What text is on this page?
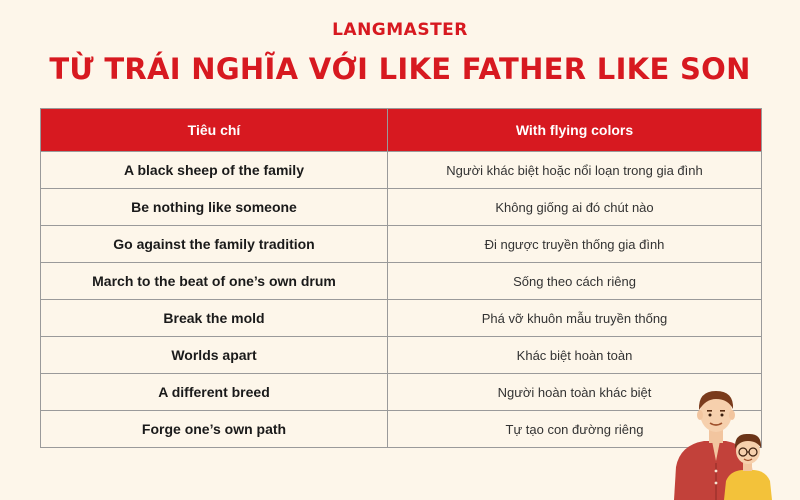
LANGMASTER
TỪ TRÁI NGHĨA VỚI LIKE FATHER LIKE SON
Tiêu chí	With flying colors
A black sheep of the family	Người khác biệt hoặc nổi loạn trong gia đình
Be nothing like someone	Không giống ai đó chút nào
Go against the family tradition	Đi ngược truyền thống gia đình
March to the beat of one’s own drum	Sống theo cách riêng
Break the mold	Phá vỡ khuôn mẫu truyền thống
Worlds apart	Khác biệt hoàn toàn
A different breed	Người hoàn toàn khác biệt
Forge one’s own path	Tự tạo con đường riêng
